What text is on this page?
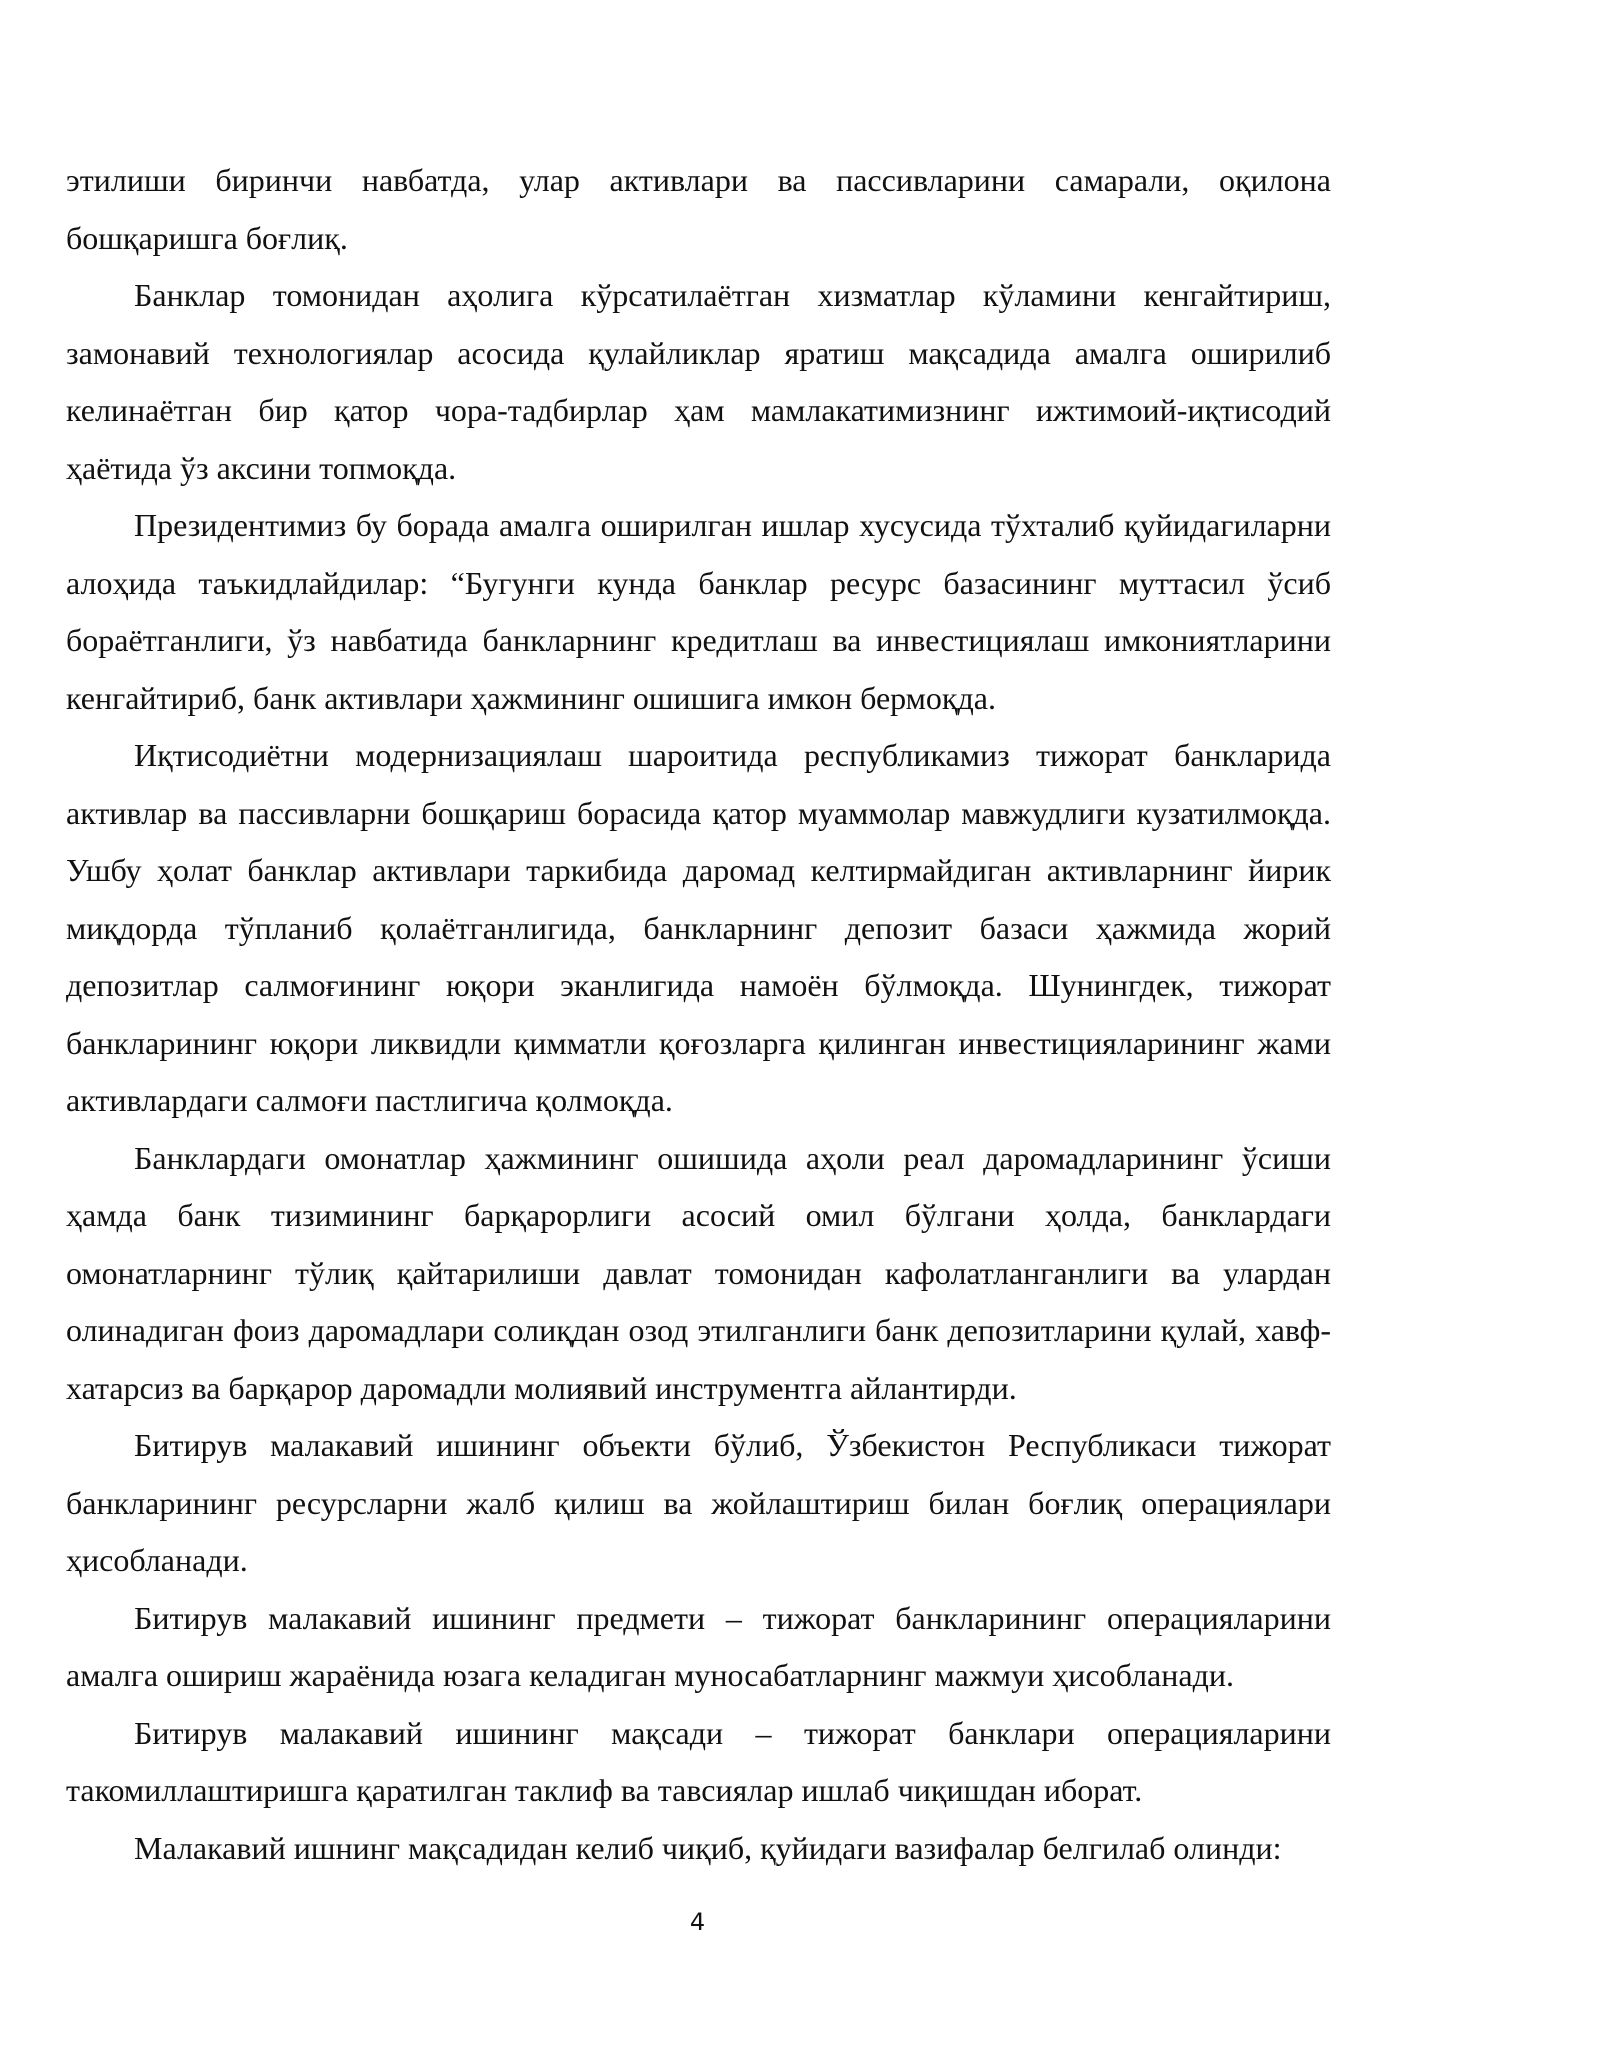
этилиши биринчи навбатда, улар активлари ва пассивларини самарали, оқилона бошқаришга боғлиқ.

Банклар томонидан аҳолига кўрсатилаётган хизматлар кўламини кенгайтириш, замонавий технологиялар асосида қулайликлар яратиш мақсадида амалга оширилиб келинаётган бир қатор чора-тадбирлар ҳам мамлакатимизнинг ижтимоий-иқтисодий ҳаётида ўз аксини топмоқда.

Президентимиз бу борада амалга оширилган ишлар хусусида тўхталиб қуйидагиларни алоҳида таъкидлайдилар: “Бугунги кунда банклар ресурс базасининг муттасил ўсиб бораётганлиги, ўз навбатида банкларнинг кредитлаш ва инвестициялаш имкониятларини кенгайтириб, банк активлари ҳажмининг ошишига имкон бермоқда.

Иқтисодиётни модернизациялаш шароитида республикамиз тижорат банкларида активлар ва пассивларни бошқариш борасида қатор муаммолар мавжудлиги кузатилмоқда. Ушбу ҳолат банклар активлари таркибида даромад келтирмайдиган активларнинг йирик миқдорда тўпланиб қолаётганлигида, банкларнинг депозит базаси ҳажмида жорий депозитлар салмоғининг юқори эканлигида намоён бўлмоқда. Шунингдек, тижорат банкларининг юқори ликвидли қимматли қоғозларга қилинган инвестицияларининг жами активлардаги салмоғи пастлигича қолмоқда.

Банклардаги омонатлар ҳажмининг ошишида аҳоли реал даромадларининг ўсиши ҳамда банк тизимининг барқарорлиги асосий омил бўлгани ҳолда, банклардаги омонатларнинг тўлиқ қайтарилиши давлат томонидан кафолатланганлиги ва улардан олинадиган фоиз даромадлари солиқдан озод этилганлиги банк депозитларини қулай, хавф-хатарсиз ва барқарор даромадли молиявий инструментга айлантирди.

Битирув малакавий ишининг объекти бўлиб, Ўзбекистон Республикаси тижорат банкларининг ресурсларни жалб қилиш ва жойлаштириш билан боғлиқ операциялари ҳисобланади.

Битирув малакавий ишининг предмети – тижорат банкларининг операцияларини амалга ошириш жараёнида юзага келадиган муносабатларнинг мажмуи ҳисобланади.

Битирув малакавий ишининг мақсади – тижорат банклари операцияларини такомиллаштиришга қаратилган таклиф ва тавсиялар ишлаб чиқишдан иборат.

Малакавий ишнинг мақсадидан келиб чиқиб, қуйидаги вазифалар белгилаб олинди:

4
